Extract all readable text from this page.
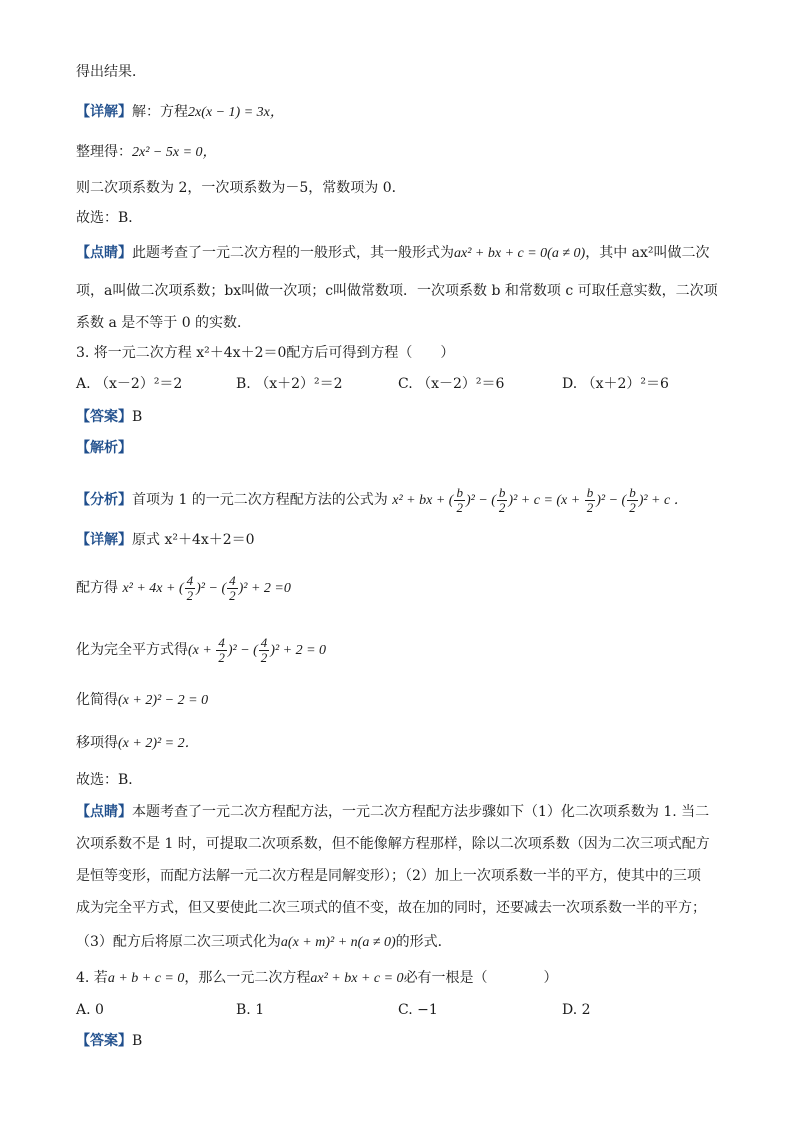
得出结果．
【详解】解：方程2x(x − 1) = 3x，
整理得：2x² − 5x = 0，
则二次项系数为 2，一次项系数为－5，常数项为 0．
故选：B．
【点睛】此题考查了一元二次方程的一般形式，其一般形式为ax² + bx + c = 0(a ≠ 0)，其中 ax²叫做二次
项，a叫做二次项系数；bx叫做一次项；c叫做常数项．一次项系数 b 和常数项 c 可取任意实数，二次项
系数 a 是不等于 0 的实数．
3. 将一元二次方程 x²＋4x＋2＝0配方后可得到方程（　　）
A. （x－2）²＝2	B. （x＋2）²＝2	C. （x－2）²＝6	D. （x＋2）²＝6
【答案】B
【解析】
【分析】首项为 1 的一元二次方程配方法的公式为 x² + bx + ( $\frac{b}{2} )^2$ − ( $\frac{b}{2} )^2 + c = (x + \frac{b}{2} )^2$ − ( $\frac{b}{2} )^2 + c$ ．
【详解】原式 x²＋4x＋2＝0
配方得 x² + 4x + ( $\frac{4}{2} )^2$ − ( $\frac{4}{2} )^2 + 2 =0$
化为完全平方式得$(x + \frac{4}{2} )^2$ − ( $\frac{4}{2} )^2 + 2 = 0$
化简得(x + 2)² − 2 = 0
移项得(x + 2)² = 2．
故选：B．
【点睛】本题考查了一元二次方程配方法，一元二次方程配方法步骤如下（1）化二次项系数为 1. 当二
次项系数不是 1 时，可提取二次项系数，但不能像解方程那样，除以二次项系数（因为二次三项式配方
是恒等变形，而配方法解一元二次方程是同解变形）；（2）加上一次项系数一半的平方，使其中的三项
成为完全平方式，但又要使此二次三项式的值不变，故在加的同时，还要减去一次项系数一半的平方；
（3）配方后将原二次三项式化为a(x + m)² + n(a ≠ 0)的形式．
4. 若a + b + c = 0，那么一元二次方程ax² + bx + c = 0必有一根是（　　　　）
A. 0	B. 1	C. −1	D. 2
【答案】B
